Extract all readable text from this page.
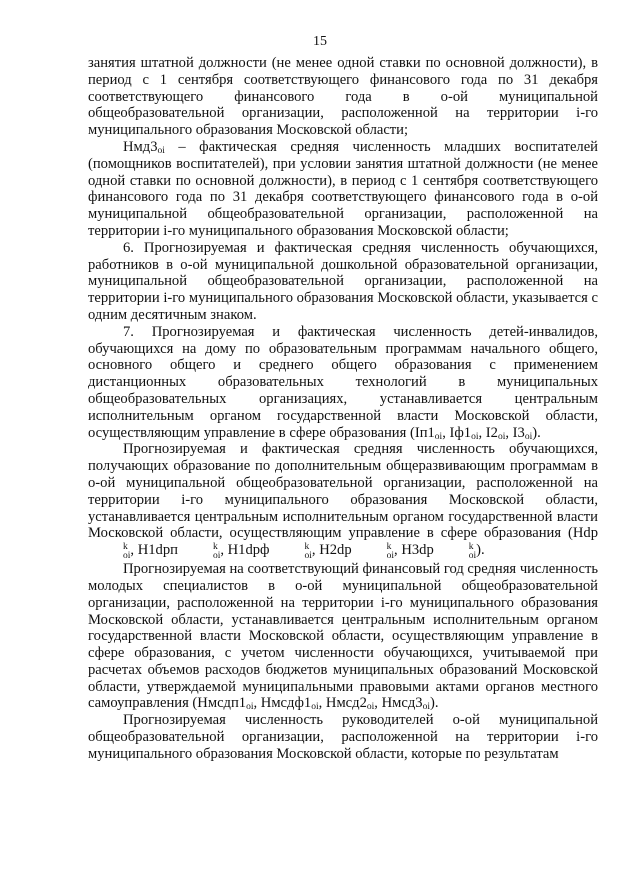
15

занятия штатной должности (не менее одной ставки по основной должности), в период с 1 сентября соответствующего финансового года по 31 декабря соответствующего финансового года в о-ой муниципальной общеобразовательной организации, расположенной на территории i-го муниципального образования Московской области;

$Нмд3_{oi}$ – фактическая средняя численность младших воспитателей (помощников воспитателей), при условии занятия штатной должности (не менее одной ставки по основной должности), в период с 1 сентября соответствующего финансового года по 31 декабря соответствующего финансового года в о-ой муниципальной общеобразовательной организации, расположенной на территории i-го муниципального образования Московской области;

6. Прогнозируемая и фактическая средняя численность обучающихся, работников в о-ой муниципальной дошкольной образовательной организации, муниципальной общеобразовательной организации, расположенной на территории i-го муниципального образования Московской области, указывается с одним десятичным знаком.

7. Прогнозируемая и фактическая численность детей-инвалидов, обучающихся на дому по образовательным программам начального общего, основного общего и среднего общего образования с применением дистанционных образовательных технологий в муниципальных общеобразовательных организациях, устанавливается центральным исполнительным органом государственной власти Московской области, осуществляющим управление в сфере образования ($Iп1_{oi}$, $Iф1_{oi}$, $I2_{oi}$, $I3_{oi}$).

Прогнозируемая и фактическая средняя численность обучающихся, получающих образование по дополнительным общеразвивающим программам в о-ой муниципальной общеобразовательной организации, расположенной на территории i-го муниципального образования Московской области, устанавливается центральным исполнительным органом государственной власти Московской области, осуществляющим управление в сфере образования (Hdp
k
oi , H1dpп	k
oi , H1dpф	k
oi , H2dp	k
oi , H3dp	k
oi ).

Прогнозируемая на соответствующий финансовый год средняя численность молодых специалистов в о-ой муниципальной общеобразовательной организации, расположенной на территории i-го муниципального образования Московской области, устанавливается центральным исполнительным органом государственной власти Московской области, осуществляющим управление в сфере образования, с учетом численности обучающихся, учитываемой при расчетах объемов расходов бюджетов муниципальных образований Московской области, утверждаемой муниципальными правовыми актами органов местного самоуправления ($Нмсдп1_{oi}$, $Нмсдф1_{oi}$, $Нмсд2_{oi}$, $Нмсд3_{oi}$).

Прогнозируемая численность руководителей о-ой муниципальной общеобразовательной организации, расположенной на территории i-го муниципального образования Московской области, которые по результатам
